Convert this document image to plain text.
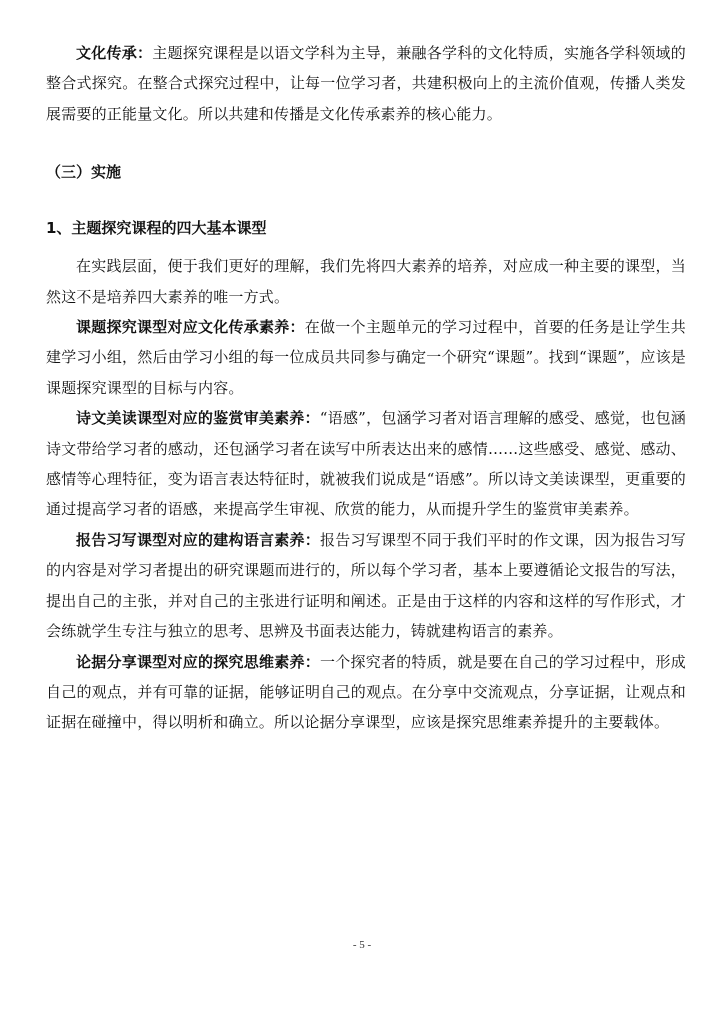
文化传承：主题探究课程是以语文学科为主导，兼融各学科的文化特质，实施各学科领域的整合式探究。在整合式探究过程中，让每一位学习者，共建积极向上的主流价值观，传播人类发展需要的正能量文化。所以共建和传播是文化传承素养的核心能力。

（三）实施

1、主题探究课程的四大基本课型

在实践层面，便于我们更好的理解，我们先将四大素养的培养，对应成一种主要的课型，当然这不是培养四大素养的唯一方式。

课题探究课型对应文化传承素养：在做一个主题单元的学习过程中，首要的任务是让学生共建学习小组，然后由学习小组的每一位成员共同参与确定一个研究“课题”。找到“课题”，应该是课题探究课型的目标与内容。

诗文美读课型对应的鉴赏审美素养：“语感”，包涵学习者对语言理解的感受、感觉，也包涵诗文带给学习者的感动，还包涵学习者在读写中所表达出来的感情……这些感受、感觉、感动、感情等心理特征，变为语言表达特征时，就被我们说成是“语感”。所以诗文美读课型，更重要的通过提高学习者的语感，来提高学生审视、欣赏的能力，从而提升学生的鉴赏审美素养。

报告习写课型对应的建构语言素养：报告习写课型不同于我们平时的作文课，因为报告习写的内容是对学习者提出的研究课题而进行的，所以每个学习者，基本上要遵循论文报告的写法，提出自己的主张，并对自己的主张进行证明和阐述。正是由于这样的内容和这样的写作形式，才会练就学生专注与独立的思考、思辨及书面表达能力，铸就建构语言的素养。

论据分享课型对应的探究思维素养：一个探究者的特质，就是要在自己的学习过程中，形成自己的观点，并有可靠的证据，能够证明自己的观点。在分享中交流观点，分享证据，让观点和证据在碰撞中，得以明析和确立。所以论据分享课型，应该是探究思维素养提升的主要载体。

- 5 -
